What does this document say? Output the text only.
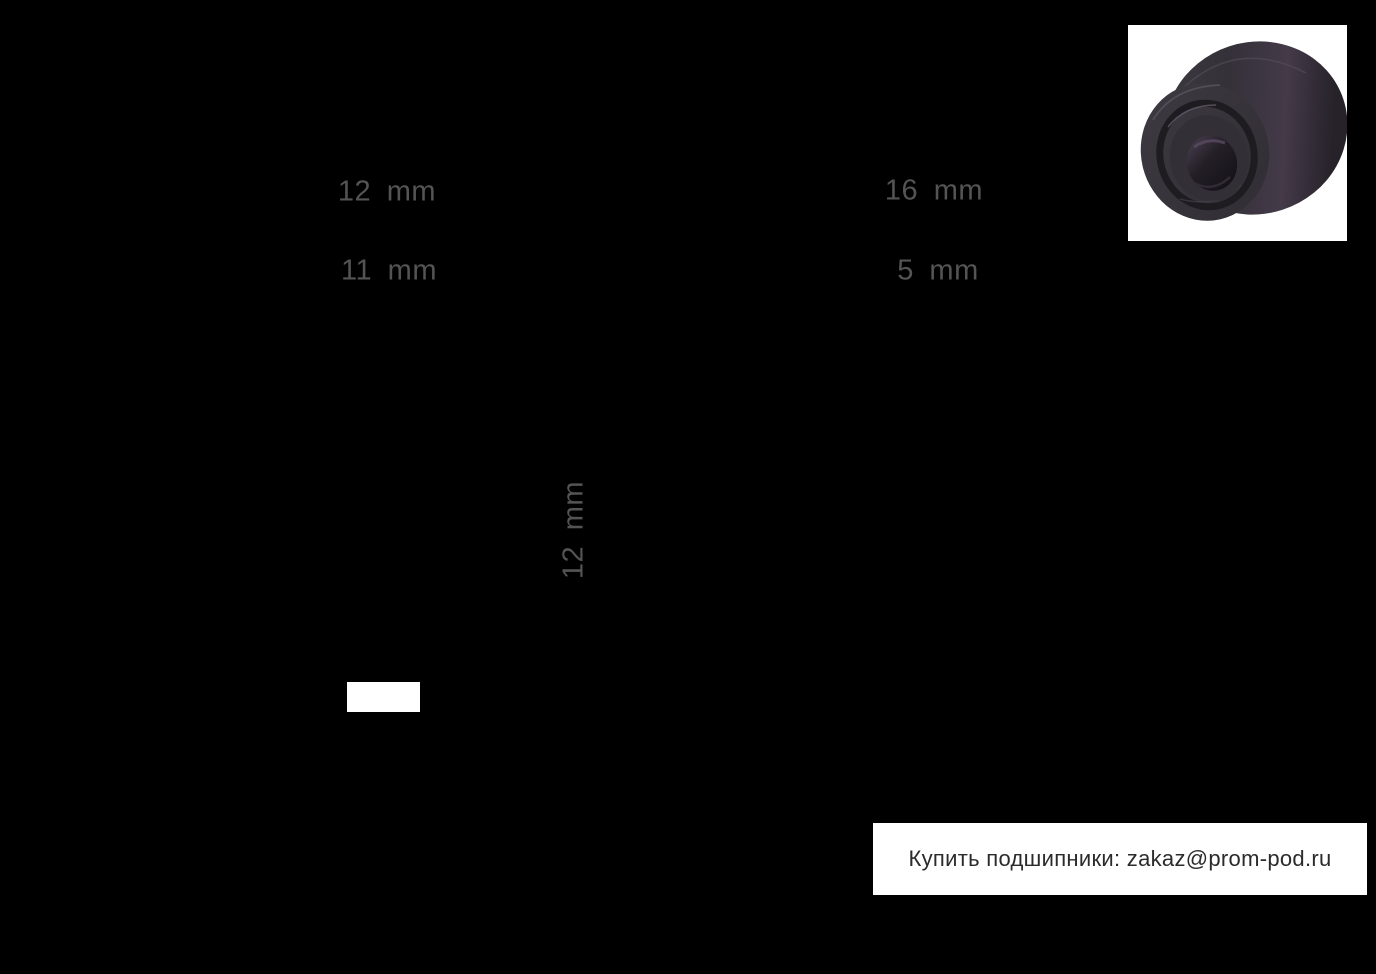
12 mm
11 mm
16 mm
5 mm
12 mm
Купить подшипники: zakaz@prom-pod.ru
